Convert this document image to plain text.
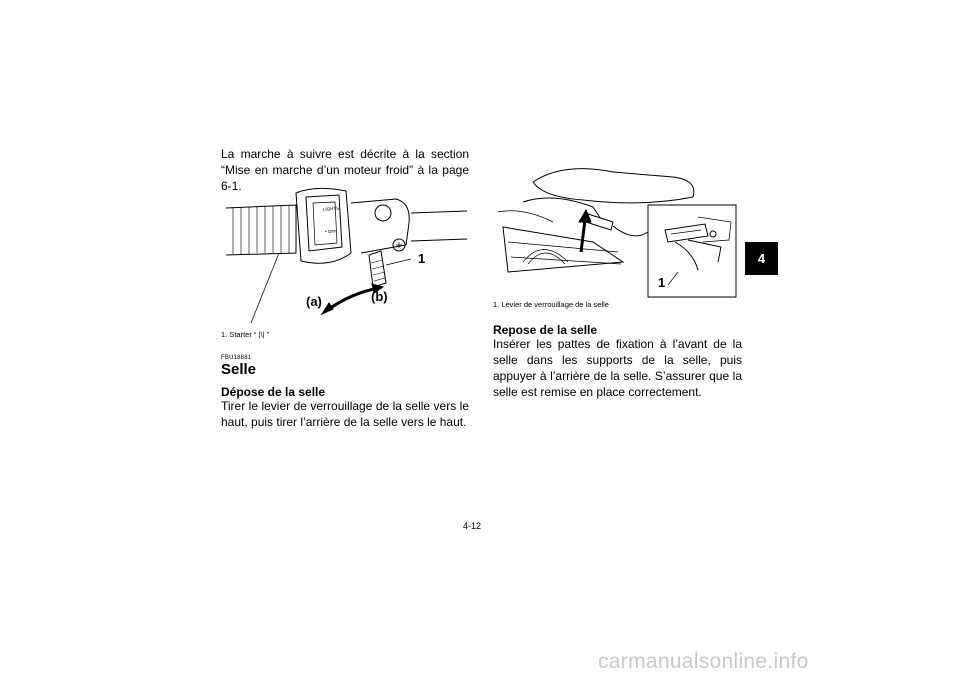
La marche à suivre est décrite à la section “Mise en marche d’un moteur froid” à la page 6-1.
LIGHTS
• OFF
1
(a)	(b)
1. Starter “ |\| ”
FBU18881
Selle
Dépose de la selle
Tirer le levier de verrouillage de la selle vers le haut, puis tirer l’arrière de la selle vers le haut.
1
1. Levier de verrouillage de la selle
Repose de la selle
Insérer les pattes de fixation à l’avant de la selle dans les supports de la selle, puis appuyer à l’arrière de la selle. S’assurer que la selle est remise en place correctement.
4
4-12
carmanualsonline.info
